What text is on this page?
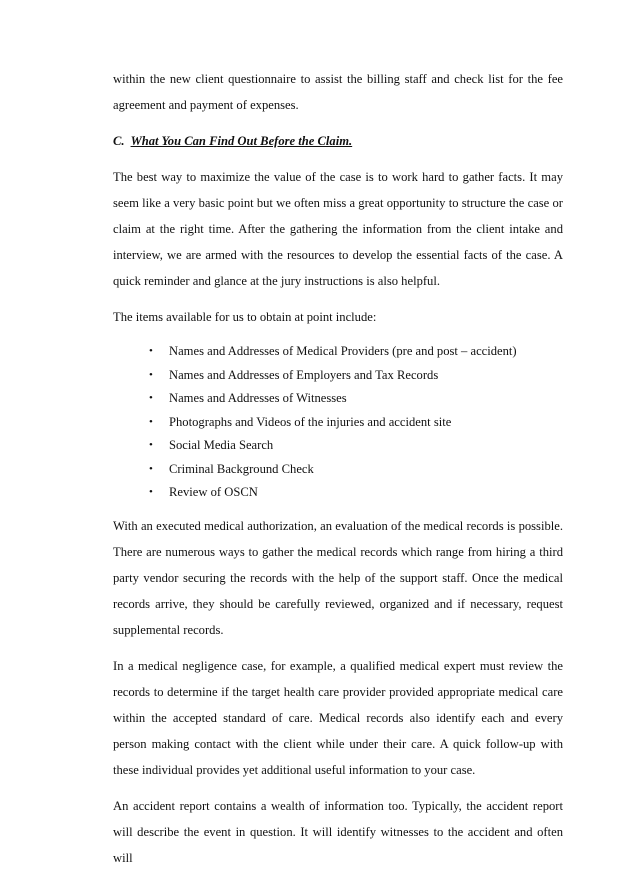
within the new client questionnaire to assist the billing staff and check list for the fee agreement and payment of expenses.

C. What You Can Find Out Before the Claim.

The best way to maximize the value of the case is to work hard to gather facts. It may seem like a very basic point but we often miss a great opportunity to structure the case or claim at the right time. After the gathering the information from the client intake and interview, we are armed with the resources to develop the essential facts of the case. A quick reminder and glance at the jury instructions is also helpful.

The items available for us to obtain at point include:

• Names and Addresses of Medical Providers (pre and post – accident)
• Names and Addresses of Employers and Tax Records
• Names and Addresses of Witnesses
• Photographs and Videos of the injuries and accident site
• Social Media Search
• Criminal Background Check
• Review of OSCN

With an executed medical authorization, an evaluation of the medical records is possible. There are numerous ways to gather the medical records which range from hiring a third party vendor securing the records with the help of the support staff. Once the medical records arrive, they should be carefully reviewed, organized and if necessary, request supplemental records.

In a medical negligence case, for example, a qualified medical expert must review the records to determine if the target health care provider provided appropriate medical care within the accepted standard of care. Medical records also identify each and every person making contact with the client while under their care. A quick follow-up with these individual provides yet additional useful information to your case.

An accident report contains a wealth of information too. Typically, the accident report will describe the event in question. It will identify witnesses to the accident and often will
